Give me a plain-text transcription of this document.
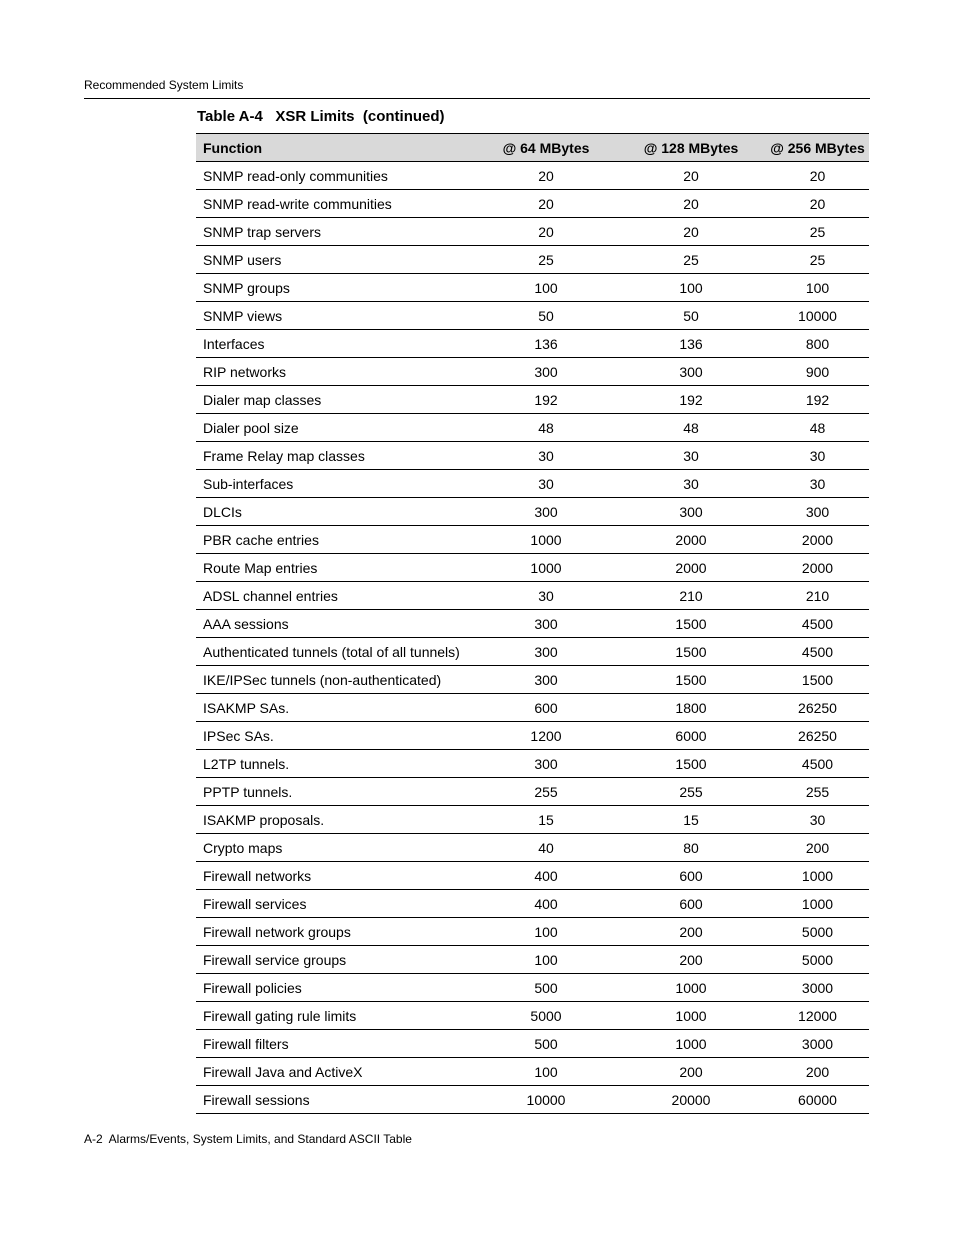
Recommended System Limits
Table A-4   XSR Limits  (continued)
Function	@ 64 MBytes	@ 128 MBytes	@ 256 MBytes
SNMP read-only communities	20	20	20
SNMP read-write communities	20	20	20
SNMP trap servers	20	20	25
SNMP users	25	25	25
SNMP groups	100	100	100
SNMP views	50	50	10000
Interfaces	136	136	800
RIP networks	300	300	900
Dialer map classes	192	192	192
Dialer pool size	48	48	48
Frame Relay map classes	30	30	30
Sub-interfaces	30	30	30
DLCIs	300	300	300
PBR cache entries	1000	2000	2000
Route Map entries	1000	2000	2000
ADSL channel entries	30	210	210
AAA sessions	300	1500	4500
Authenticated tunnels (total of all tunnels)	300	1500	4500
IKE/IPSec tunnels (non-authenticated)	300	1500	1500
ISAKMP SAs.	600	1800	26250
IPSec SAs.	1200	6000	26250
L2TP tunnels.	300	1500	4500
PPTP tunnels.	255	255	255
ISAKMP proposals.	15	15	30
Crypto maps	40	80	200
Firewall networks	400	600	1000
Firewall services	400	600	1000
Firewall network groups	100	200	5000
Firewall service groups	100	200	5000
Firewall policies	500	1000	3000
Firewall gating rule limits	5000	1000	12000
Firewall filters	500	1000	3000
Firewall Java and ActiveX	100	200	200
Firewall sessions	10000	20000	60000
A-2  Alarms/Events, System Limits, and Standard ASCII Table
